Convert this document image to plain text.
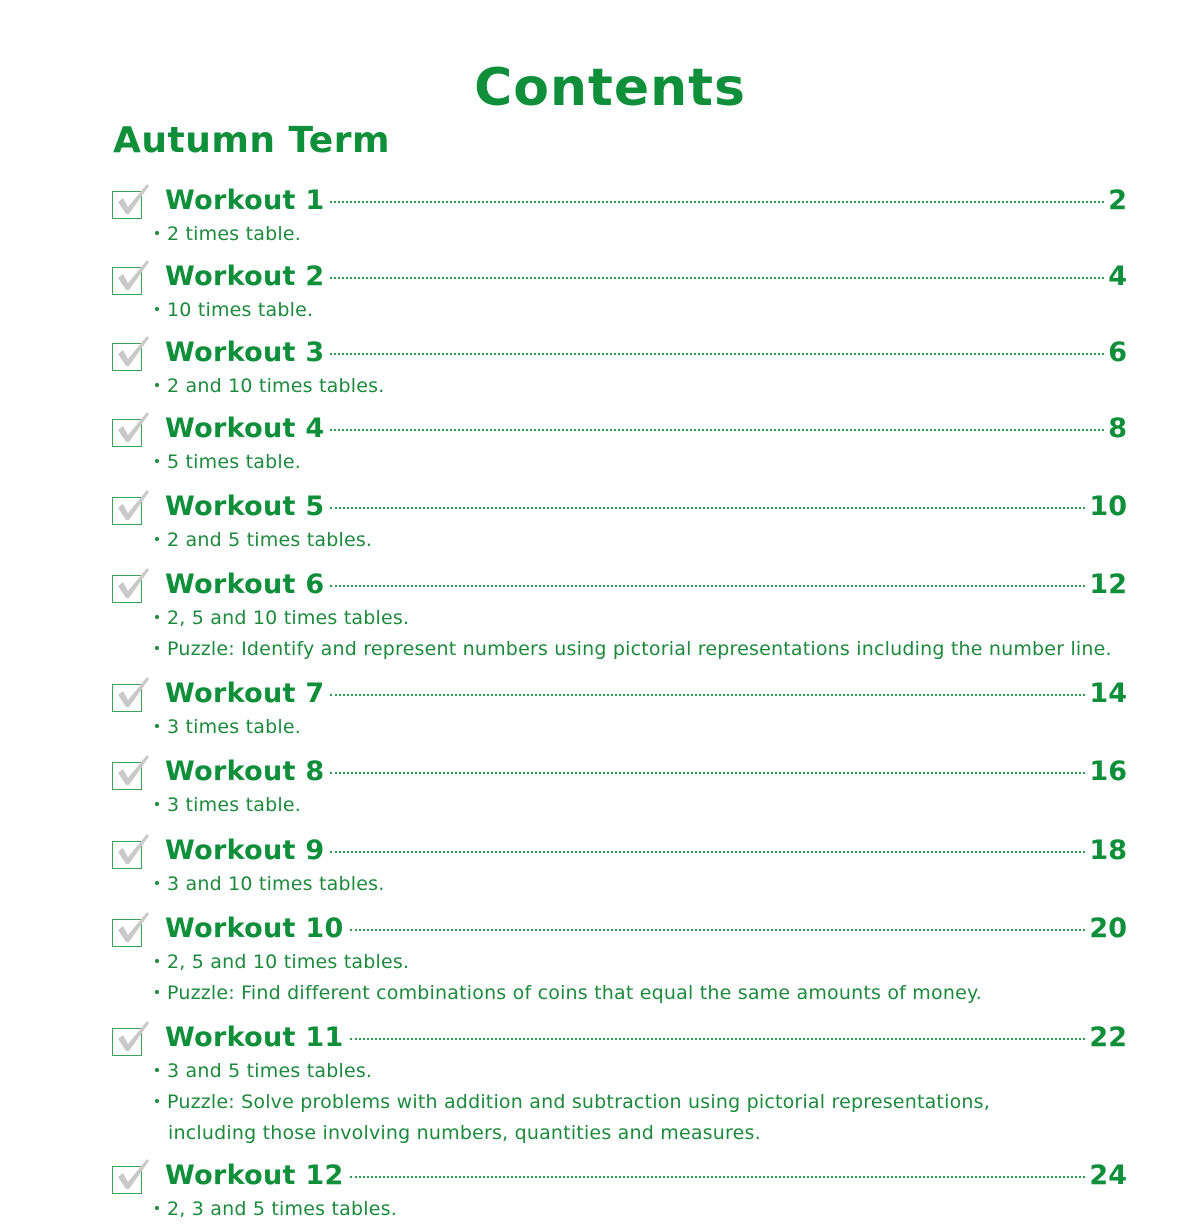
Contents
Autumn Term
Workout 1	2
2 times table.
Workout 2	4
10 times table.
Workout 3	6
2 and 10 times tables.
Workout 4	8
5 times table.
Workout 5	10
2 and 5 times tables.
Workout 6	12
2, 5 and 10 times tables.
Puzzle: Identify and represent numbers using pictorial representations including the number line.
Workout 7	14
3 times table.
Workout 8	16
3 times table.
Workout 9	18
3 and 10 times tables.
Workout 10	20
2, 5 and 10 times tables.
Puzzle: Find different combinations of coins that equal the same amounts of money.
Workout 11	22
3 and 5 times tables.
Puzzle: Solve problems with addition and subtraction using pictorial representations,
including those involving numbers, quantities and measures.
Workout 12	24
2, 3 and 5 times tables.
